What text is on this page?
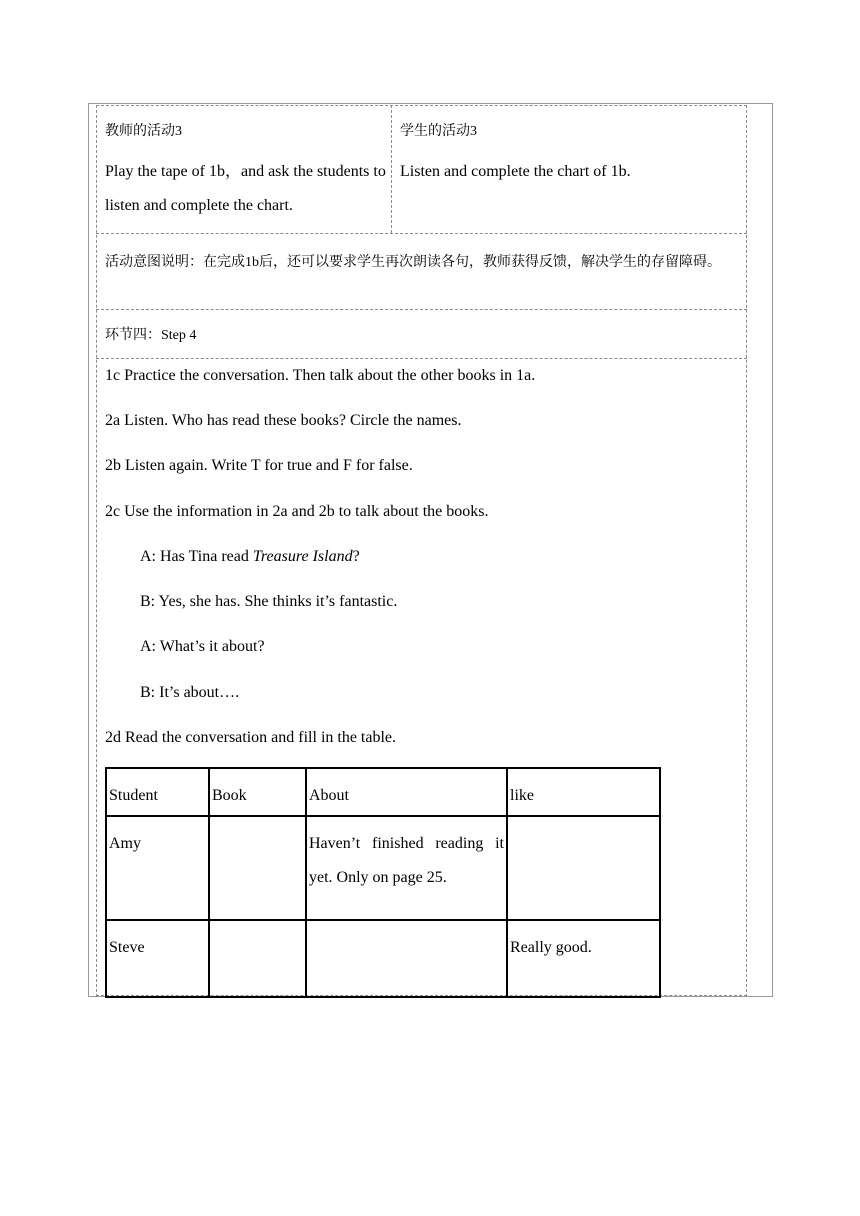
教师的活动3
Play the tape of 1b，and ask the students to listen and complete the chart.
学生的活动3
Listen and complete the chart of 1b.
活动意图说明：在完成1b后，还可以要求学生再次朗读各句，教师获得反馈，解决学生的存留障碍。
环节四：Step 4
1c Practice the conversation. Then talk about the other books in 1a.
2a Listen. Who has read these books? Circle the names.
2b Listen again. Write T for true and F for false.
2c Use the information in 2a and 2b to talk about the books.
A: Has Tina read Treasure Island?
B: Yes, she has. She thinks it’s fantastic.
A: What’s it about?
B: It’s about….
2d Read the conversation and fill in the table.
Student	Book	About	like
Amy		Haven’t finished reading it yet. Only on page 25.	
Steve			Really good.
